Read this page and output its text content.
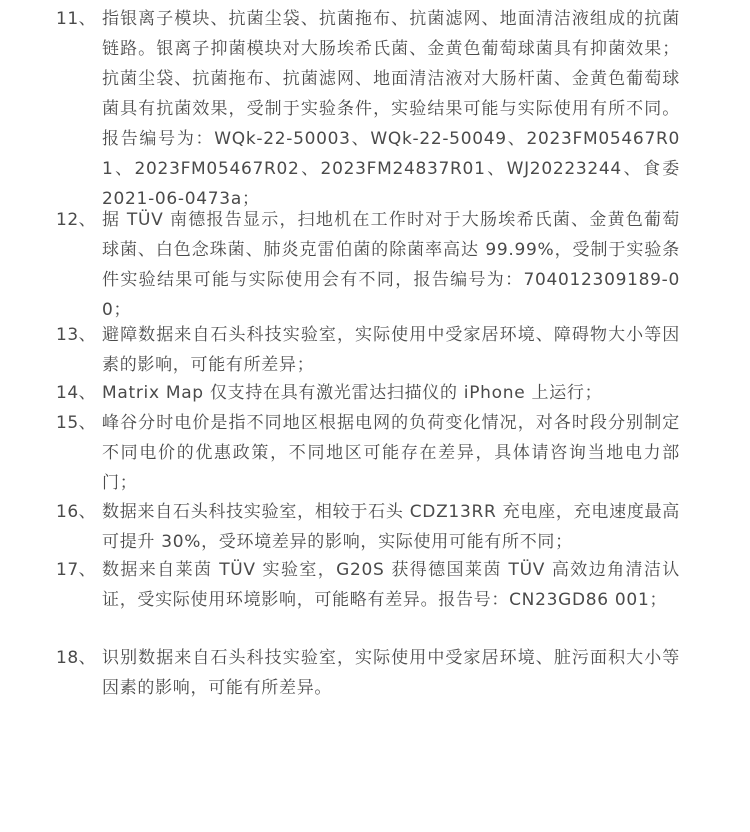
11、 指银离子模块、抗菌尘袋、抗菌拖布、抗菌滤网、地面清洁液组成的抗菌链路。银离子抑菌模块对大肠埃希氏菌、金黄色葡萄球菌具有抑菌效果；抗菌尘袋、抗菌拖布、抗菌滤网、地面清洁液对大肠杆菌、金黄色葡萄球菌具有抗菌效果，受制于实验条件，实验结果可能与实际使用有所不同。报告编号为：WQk-22-50003、WQk-22-50049、2023FM05467R01、2023FM05467R02、2023FM24837R01、WJ20223244、食委 2021-06-0473a；
12、 据 TÜV 南德报告显示，扫地机在工作时对于大肠埃希氏菌、金黄色葡萄球菌、白色念珠菌、肺炎克雷伯菌的除菌率高达 99.99%，受制于实验条件实验结果可能与实际使用会有不同，报告编号为：704012309189-00；
13、 避障数据来自石头科技实验室，实际使用中受家居环境、障碍物大小等因素的影响，可能有所差异；
14、 Matrix Map 仅支持在具有激光雷达扫描仪的 iPhone 上运行；
15、 峰谷分时电价是指不同地区根据电网的负荷变化情况，对各时段分别制定不同电价的优惠政策，不同地区可能存在差异，具体请咨询当地电力部门；
16、 数据来自石头科技实验室，相较于石头 CDZ13RR 充电座，充电速度最高可提升 30%，受环境差异的影响，实际使用可能有所不同；
17、 数据来自莱茵 TÜV 实验室，G20S 获得德国莱茵 TÜV 高效边角清洁认证，受实际使用环境影响，可能略有差异。报告号：CN23GD86 001；
18、 识别数据来自石头科技实验室，实际使用中受家居环境、脏污面积大小等因素的影响，可能有所差异。
